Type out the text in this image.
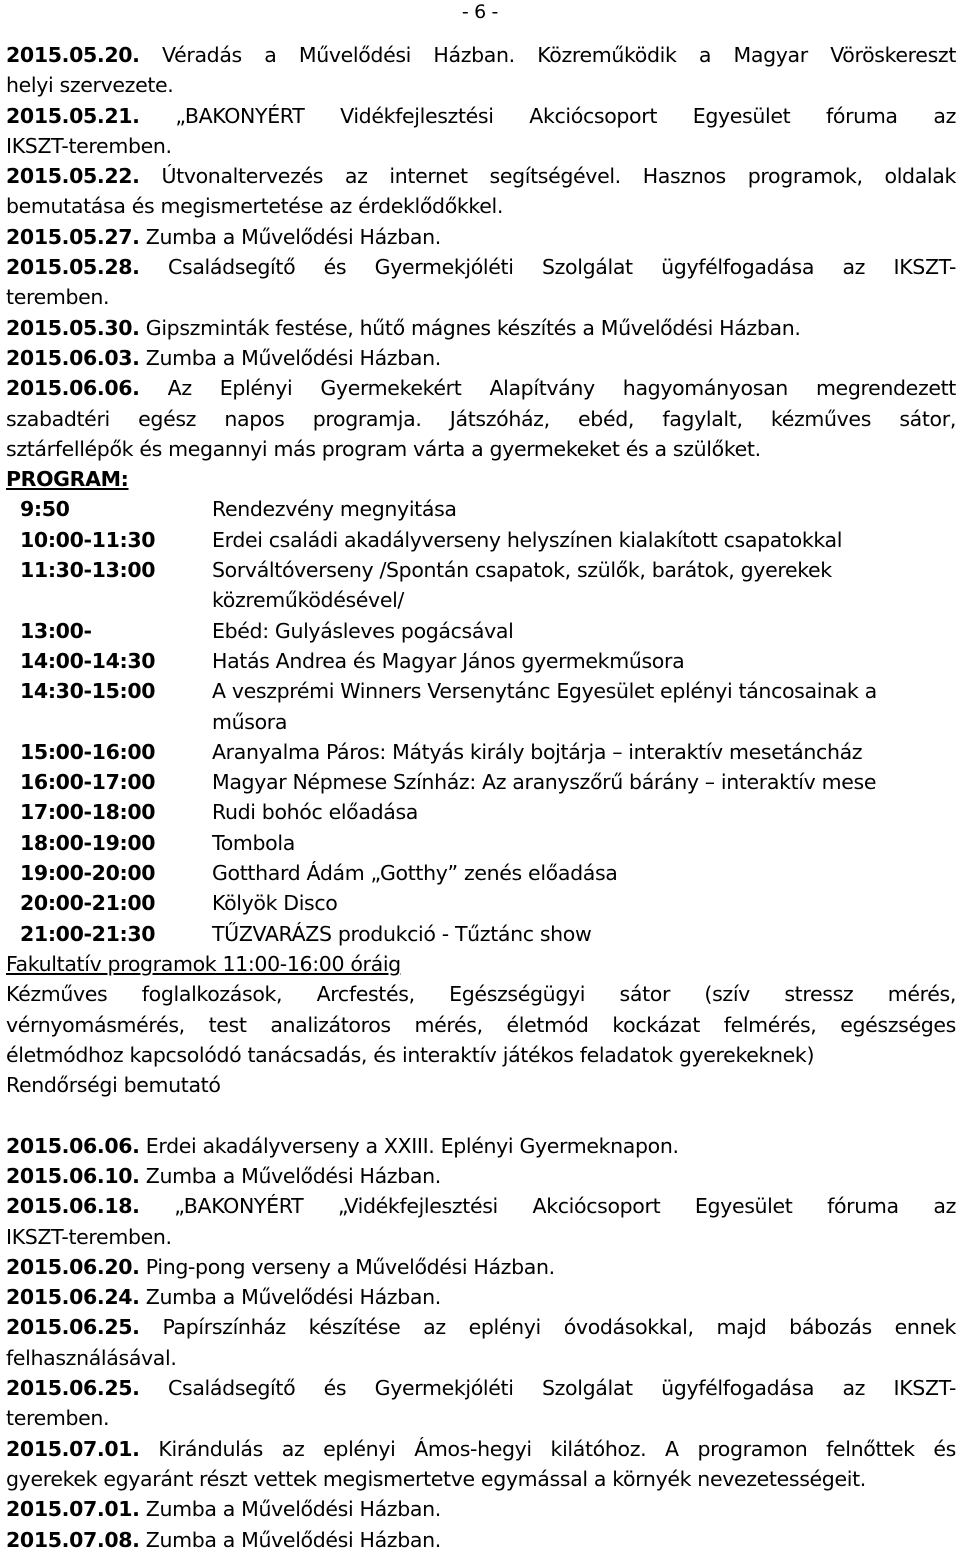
- 6 -
2015.05.20. Véradás a Művelődési Házban. Közreműködik a Magyar Vöröskereszt
helyi szervezete.
2015.05.21. „BAKONYÉRT Vidékfejlesztési Akciócsoport Egyesület fóruma az
IKSZT-teremben.
2015.05.22. Útvonaltervezés az internet segítségével. Hasznos programok, oldalak
bemutatása és megismertetése az érdeklődőkkel.
2015.05.27. Zumba a Művelődési Házban.
2015.05.28. Családsegítő és Gyermekjóléti Szolgálat ügyfélfogadása az IKSZT-
teremben.
2015.05.30. Gipszminták festése, hűtő mágnes készítés a Művelődési Házban.
2015.06.03. Zumba a Művelődési Házban.
2015.06.06. Az Eplényi Gyermekekért Alapítvány hagyományosan megrendezett
szabadtéri egész napos programja. Játszóház, ebéd, fagylalt, kézműves sátor,
sztárfellépők és megannyi más program várta a gyermekeket és a szülőket.
PROGRAM:
9:50	Rendezvény megnyitása
10:00-11:30	Erdei családi akadályverseny helyszínen kialakított csapatokkal
11:30-13:00	Sorváltóverseny /Spontán csapatok, szülők, barátok, gyerekek
közreműködésével/
13:00-	Ebéd: Gulyásleves pogácsával
14:00-14:30	Hatás Andrea és Magyar János gyermekműsora
14:30-15:00	A veszprémi Winners Versenytánc Egyesület eplényi táncosainak a
műsora
15:00-16:00	Aranyalma Páros: Mátyás király bojtárja – interaktív mesetáncház
16:00-17:00	Magyar Népmese Színház: Az aranyszőrű bárány – interaktív mese
17:00-18:00	Rudi bohóc előadása
18:00-19:00	Tombola
19:00-20:00	Gotthard Ádám „Gotthy” zenés előadása
20:00-21:00	Kölyök Disco
21:00-21:30	TŰZVARÁZS produkció - Tűztánc show
Fakultatív programok 11:00-16:00 óráig
Kézműves foglalkozások, Arcfestés, Egészségügyi sátor (szív stressz mérés,
vérnyomásmérés, test analizátoros mérés, életmód kockázat felmérés, egészséges
életmódhoz kapcsolódó tanácsadás, és interaktív játékos feladatok gyerekeknek)
Rendőrségi bemutató
2015.06.06. Erdei akadályverseny a XXIII. Eplényi Gyermeknapon.
2015.06.10. Zumba a Művelődési Házban.
2015.06.18. „BAKONYÉRT „Vidékfejlesztési Akciócsoport Egyesület fóruma az
IKSZT-teremben.
2015.06.20. Ping-pong verseny a Művelődési Házban.
2015.06.24. Zumba a Művelődési Házban.
2015.06.25. Papírszínház készítése az eplényi óvodásokkal, majd bábozás ennek
felhasználásával.
2015.06.25. Családsegítő és Gyermekjóléti Szolgálat ügyfélfogadása az IKSZT-
teremben.
2015.07.01. Kirándulás az eplényi Ámos-hegyi kilátóhoz. A programon felnőttek és
gyerekek egyaránt részt vettek megismertetve egymással a környék nevezetességeit.
2015.07.01. Zumba a Művelődési Házban.
2015.07.08. Zumba a Művelődési Házban.
